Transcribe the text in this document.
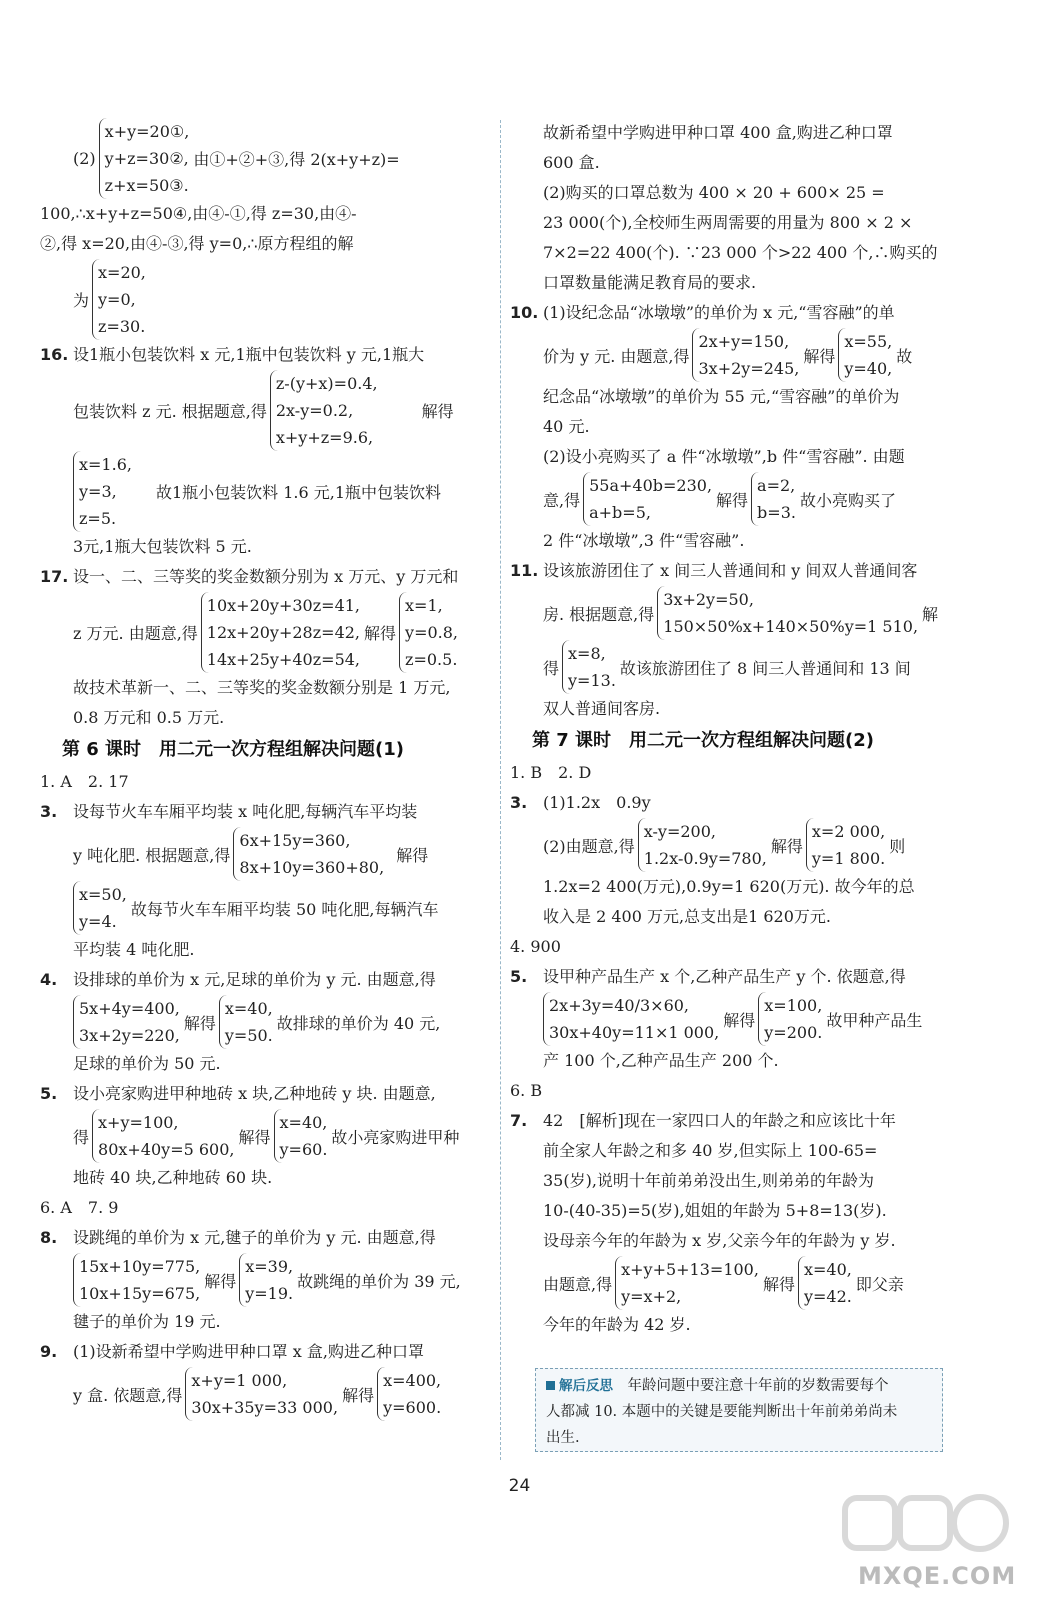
(2)
x+y=20①,
y+z=30②,
z+x=50③.
由①+②+③,得 2(x+y+z)=
100,∴x+y+z=50④,由④-①,得 z=30,由④-
②,得 x=20,由④-③,得 y=0,∴原方程组的解
为
x=20,
y=0,
z=30.
16. 设1瓶小包装饮料 x 元,1瓶中包装饮料 y 元,1瓶大
包装饮料 z 元. 根据题意,得
z-(y+x)=0.4,
2x-y=0.2,
x+y+z=9.6,
解得
x=1.6,
y=3,
z=5.
故1瓶小包装饮料 1.6 元,1瓶中包装饮料
3元,1瓶大包装饮料 5 元.
17. 设一、二、三等奖的奖金数额分别为 x 万元、y 万元和
z 万元. 由题意,得
10x+20y+30z=41,
12x+20y+28z=42,
14x+25y+40z=54,
解得
x=1,
y=0.8,
z=0.5.
故技术革新一、二、三等奖的奖金数额分别是 1 万元,
0.8 万元和 0.5 万元.
第 6 课时　用二元一次方程组解决问题(1)
1. A　2. 17
3. 设每节火车车厢平均装 x 吨化肥,每辆汽车平均装
y 吨化肥. 根据题意,得
6x+15y=360,
8x+10y=360+80,
解得
x=50,
y=4.
故每节火车车厢平均装 50 吨化肥,每辆汽车
平均装 4 吨化肥.
4. 设排球的单价为 x 元,足球的单价为 y 元. 由题意,得
5x+4y=400,
3x+2y=220,
解得
x=40,
y=50.
故排球的单价为 40 元,
足球的单价为 50 元.
5. 设小亮家购进甲种地砖 x 块,乙种地砖 y 块. 由题意,
得
x+y=100,
80x+40y=5 600,
解得
x=40,
y=60.
故小亮家购进甲种
地砖 40 块,乙种地砖 60 块.
6. A　7. 9
8. 设跳绳的单价为 x 元,毽子的单价为 y 元. 由题意,得
15x+10y=775,
10x+15y=675,
解得
x=39,
y=19.
故跳绳的单价为 39 元,
毽子的单价为 19 元.
9. (1)设新希望中学购进甲种口罩 x 盒,购进乙种口罩
y 盒. 依题意,得
x+y=1 000,
30x+35y=33 000,
解得
x=400,
y=600.
故新希望中学购进甲种口罩 400 盒,购进乙种口罩
600 盒.
(2)购买的口罩总数为 400 × 20 + 600× 25 =
23 000(个),全校师生两周需要的用量为 800 × 2 ×
7×2=22 400(个). ∵23 000 个>22 400 个,∴购买的
口罩数量能满足教育局的要求.
10. (1)设纪念品“冰墩墩”的单价为 x 元,“雪容融”的单
价为 y 元. 由题意,得
2x+y=150,
3x+2y=245,
解得
x=55,
y=40,
故
纪念品“冰墩墩”的单价为 55 元,“雪容融”的单价为
40 元.
(2)设小亮购买了 a 件“冰墩墩”,b 件“雪容融”. 由题
意,得
55a+40b=230,
a+b=5,
解得
a=2,
b=3.
故小亮购买了
2 件“冰墩墩”,3 件“雪容融”.
11. 设该旅游团住了 x 间三人普通间和 y 间双人普通间客
房. 根据题意,得
3x+2y=50,
150×50%x+140×50%y=1 510,
解
得
x=8,
y=13.
故该旅游团住了 8 间三人普通间和 13 间
双人普通间客房.
第 7 课时　用二元一次方程组解决问题(2)
1. B　2. D
3. (1)1.2x　0.9y
(2)由题意,得
x-y=200,
1.2x-0.9y=780,
解得
x=2 000,
y=1 800.
则
1.2x=2 400(万元),0.9y=1 620(万元). 故今年的总
收入是 2 400 万元,总支出是1 620万元.
4. 900
5. 设甲种产品生产 x 个,乙种产品生产 y 个. 依题意,得
2x+3y=40/3×60,
30x+40y=11×1 000,
解得
x=100,
y=200.
故甲种产品生
产 100 个,乙种产品生产 200 个.
6. B
7. 42　[解析]现在一家四口人的年龄之和应该比十年
前全家人年龄之和多 40 岁,但实际上 100-65=
35(岁),说明十年前弟弟没出生,则弟弟的年龄为
10-(40-35)=5(岁),姐姐的年龄为 5+8=13(岁).
设母亲今年的年龄为 x 岁,父亲今年的年龄为 y 岁.
由题意,得
x+y+5+13=100,
y=x+2,
解得
x=40,
y=42.
即父亲
今年的年龄为 42 岁.
解后反思　 年龄问题中要注意十年前的岁数需要每个
人都减 10. 本题中的关键是要能判断出十年前弟弟尚未
出生.
24
MXQE.COM
